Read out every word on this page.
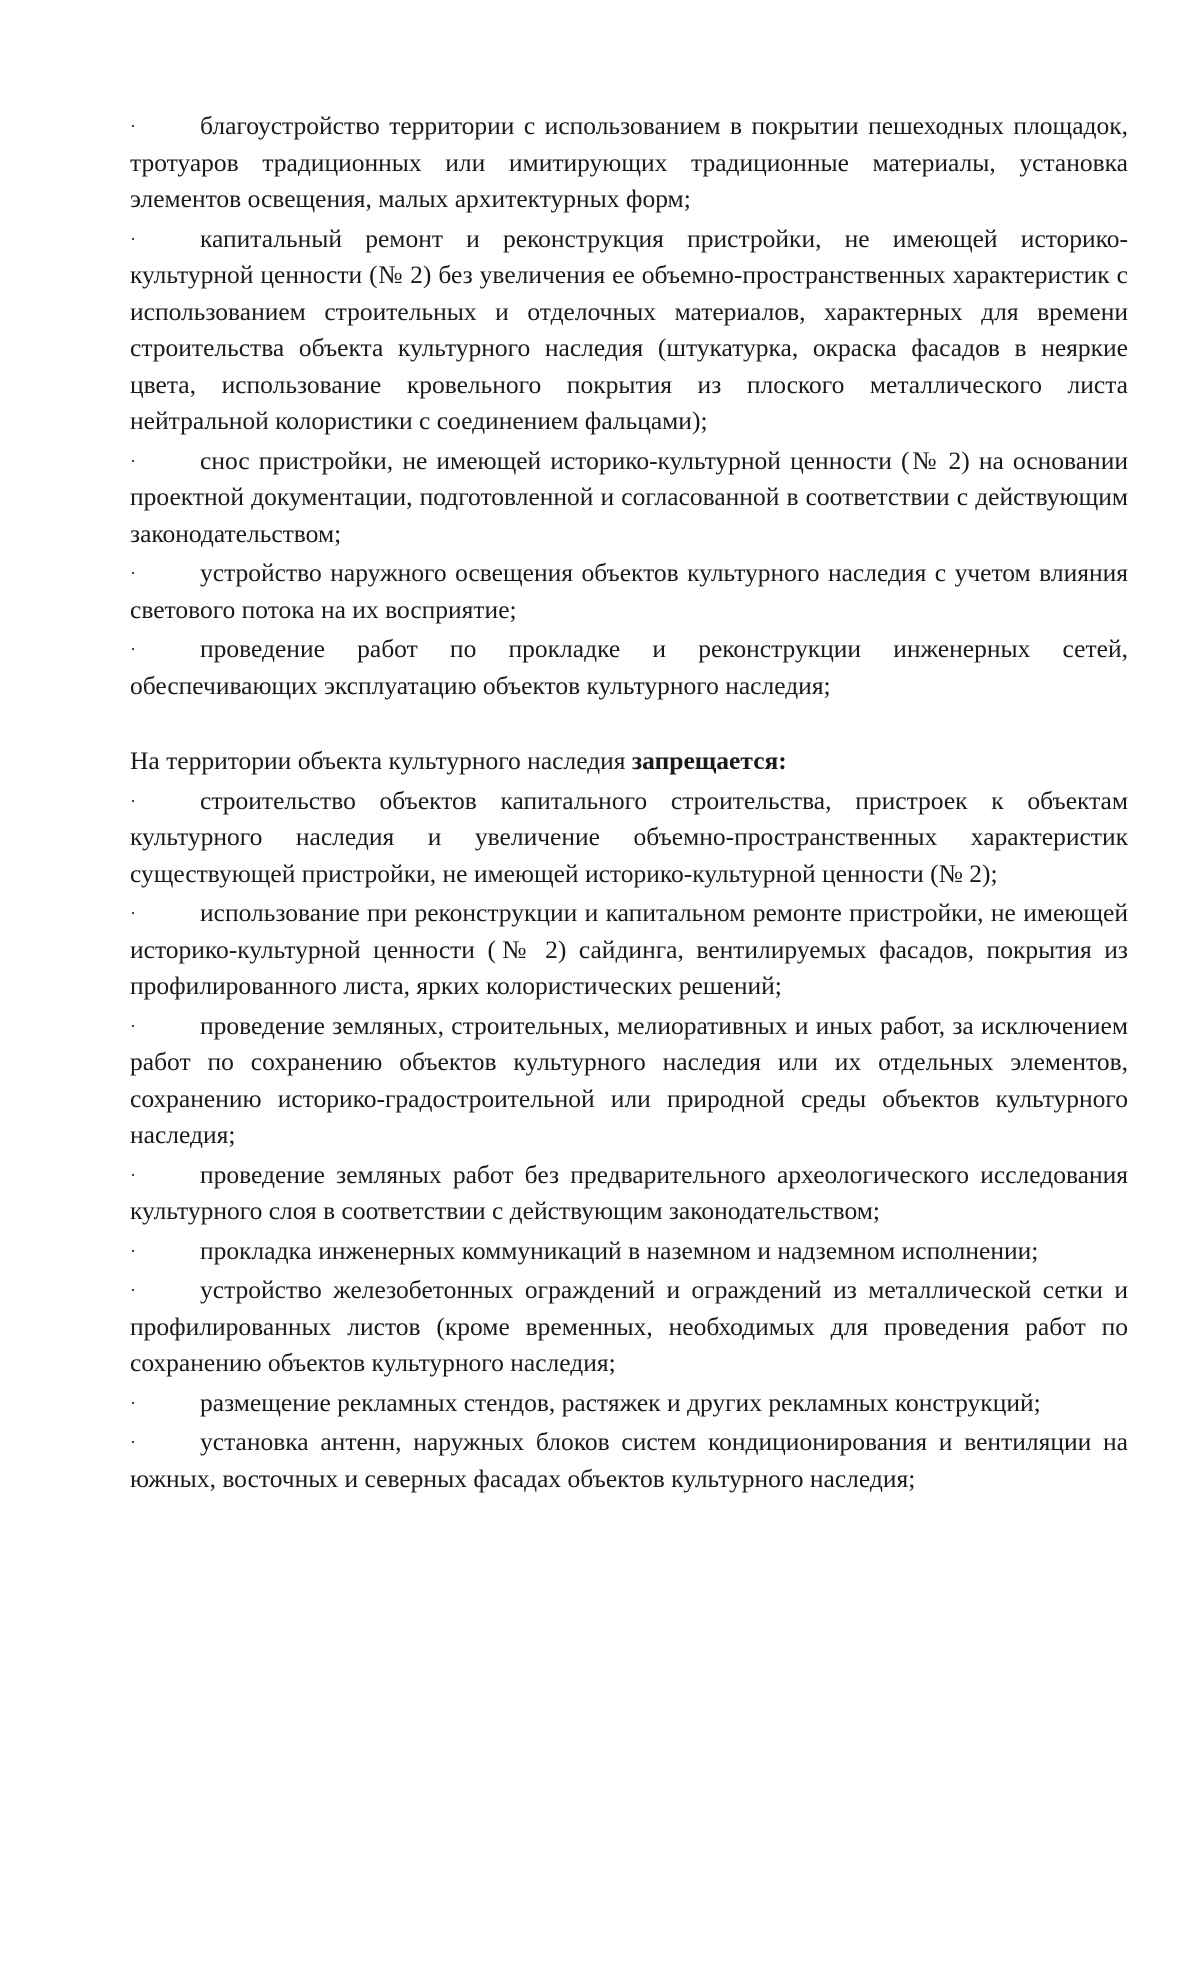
·	благоустройство территории с использованием в покрытии пешеходных площадок, тротуаров традиционных или имитирующих традиционные материалы, установка элементов освещения, малых архитектурных форм;
·	капитальный ремонт и реконструкция пристройки, не имеющей историко-культурной ценности (№ 2) без увеличения ее объемно-пространственных характеристик с использованием строительных и отделочных материалов, характерных для времени строительства объекта культурного наследия (штукатурка, окраска фасадов в неяркие цвета, использование кровельного покрытия из плоского металлического листа нейтральной колористики с соединением фальцами);
·	снос пристройки, не имеющей историко-культурной ценности (№ 2) на основании проектной документации, подготовленной и согласованной в соответствии с действующим законодательством;
·	устройство наружного освещения объектов культурного наследия с учетом влияния светового потока на их восприятие;
·	проведение работ по прокладке и реконструкции инженерных сетей, обеспечивающих эксплуатацию объектов культурного наследия;
На территории объекта культурного наследия запрещается:
·	строительство объектов капитального строительства, пристроек к объектам культурного наследия и увеличение объемно-пространственных характеристик существующей пристройки, не имеющей историко-культурной ценности (№ 2);
·	использование при реконструкции и капитальном ремонте пристройки, не имеющей историко-культурной ценности (№ 2) сайдинга, вентилируемых фасадов, покрытия из профилированного листа, ярких колористических решений;
·	проведение земляных, строительных, мелиоративных и иных работ, за исключением работ по сохранению объектов культурного наследия или их отдельных элементов, сохранению историко-градостроительной или природной среды объектов культурного наследия;
·	проведение земляных работ без предварительного археологического исследования культурного слоя в соответствии с действующим законодательством;
·	прокладка инженерных коммуникаций в наземном и надземном исполнении;
·	устройство железобетонных ограждений и ограждений из металлической сетки и профилированных листов (кроме временных, необходимых для проведения работ по сохранению объектов культурного наследия;
·	размещение рекламных стендов, растяжек и других рекламных конструкций;
·	установка антенн, наружных блоков систем кондиционирования и вентиляции на южных, восточных и северных фасадах объектов культурного наследия;
